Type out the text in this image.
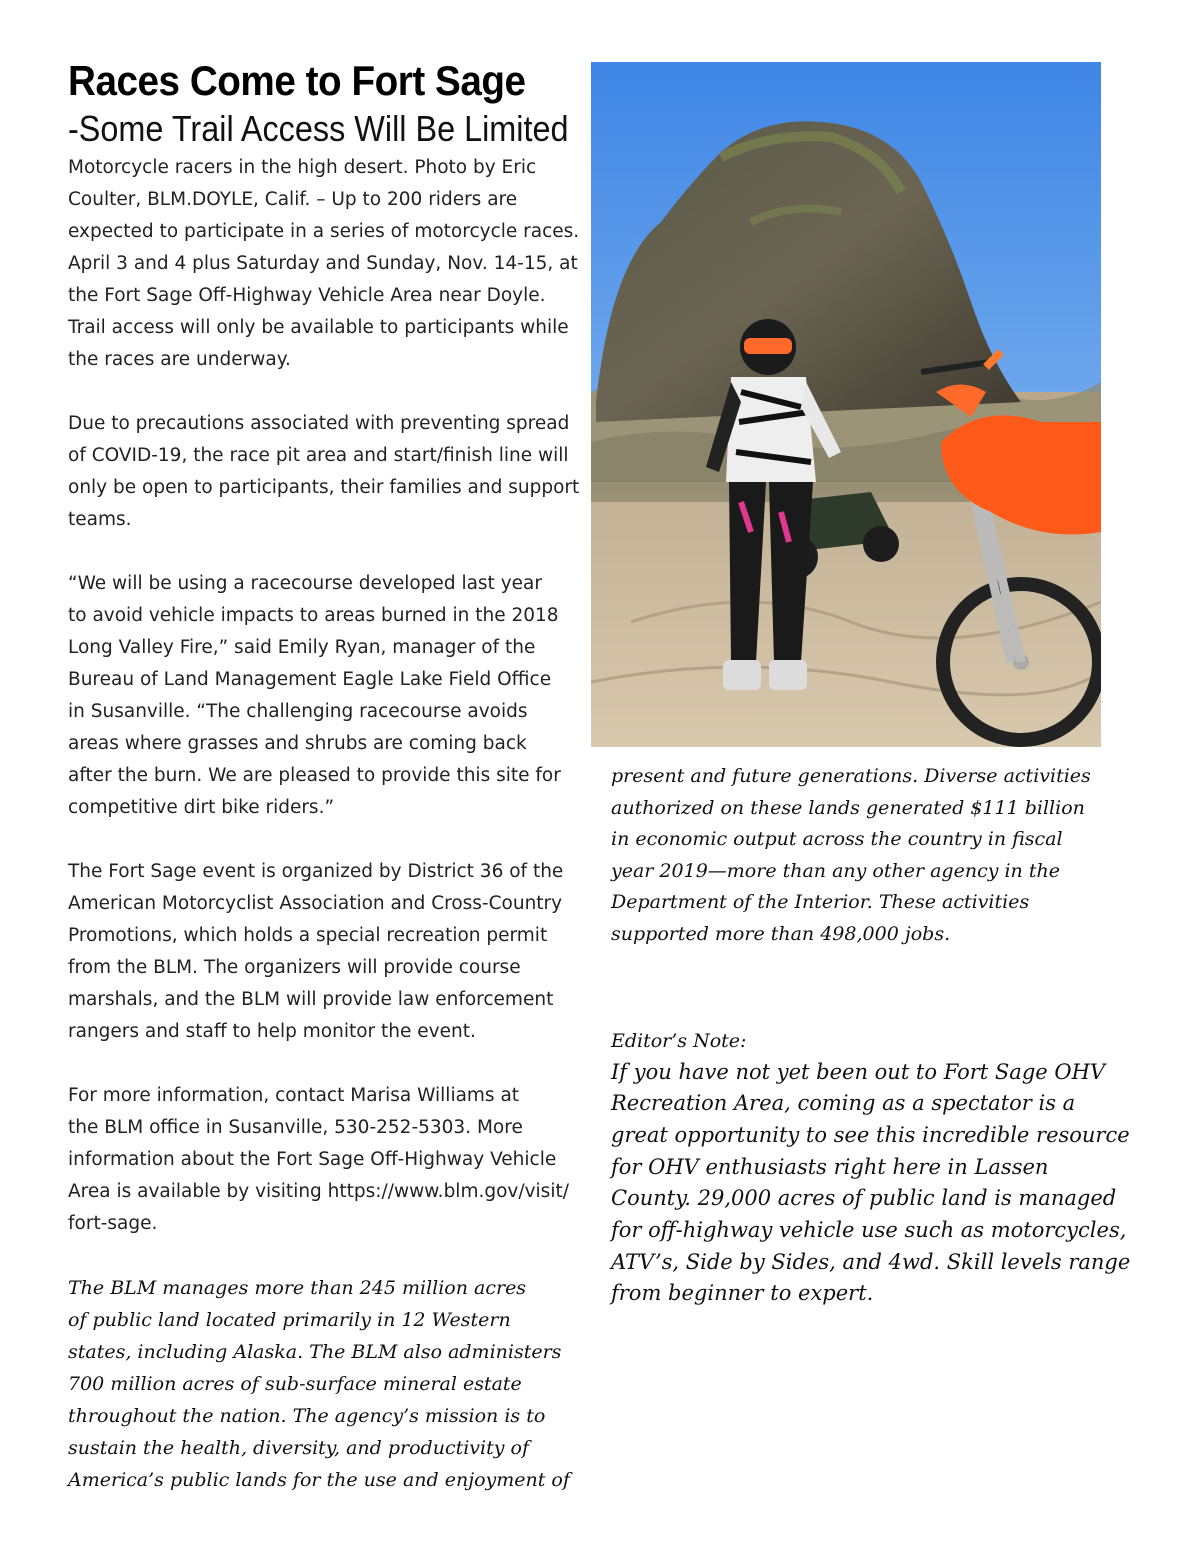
Races Come to Fort Sage
-Some Trail Access Will Be Limited

Motorcycle racers in the high desert. Photo by Eric
Coulter, BLM.DOYLE, Calif. – Up to 200 riders are
expected to participate in a series of motorcycle races.
April 3 and 4 plus Saturday and Sunday, Nov. 14-15, at
the Fort Sage Off-Highway Vehicle Area near Doyle.
Trail access will only be available to participants while
the races are underway.

Due to precautions associated with preventing spread
of COVID-19, the race pit area and start/finish line will
only be open to participants, their families and support
teams.

“We will be using a racecourse developed last year
to avoid vehicle impacts to areas burned in the 2018
Long Valley Fire,” said Emily Ryan, manager of the
Bureau of Land Management Eagle Lake Field Office
in Susanville. “The challenging racecourse avoids
areas where grasses and shrubs are coming back
after the burn. We are pleased to provide this site for
competitive dirt bike riders.”

The Fort Sage event is organized by District 36 of the
American Motorcyclist Association and Cross-Country
Promotions, which holds a special recreation permit
from the BLM. The organizers will provide course
marshals, and the BLM will provide law enforcement
rangers and staff to help monitor the event.

For more information, contact Marisa Williams at
the BLM office in Susanville, 530-252-5303. More
information about the Fort Sage Off-Highway Vehicle
Area is available by visiting https://www.blm.gov/visit/
fort-sage.

The BLM manages more than 245 million acres
of public land located primarily in 12 Western
states, including Alaska. The BLM also administers
700 million acres of sub-surface mineral estate
throughout the nation. The agency’s mission is to
sustain the health, diversity, and productivity of
America’s public lands for the use and enjoyment of

present and future generations. Diverse activities
authorized on these lands generated $111 billion
in economic output across the country in fiscal
year 2019—more than any other agency in the
Department of the Interior. These activities
supported more than 498,000 jobs.
Editor’s Note:
If you have not yet been out to Fort Sage OHV
Recreation Area, coming as a spectator is a
great opportunity to see this incredible resource
for OHV enthusiasts right here in Lassen
County. 29,000 acres of public land is managed
for off-highway vehicle use such as motorcycles,
ATV’s, Side by Sides, and 4wd. Skill levels range
from beginner to expert.
